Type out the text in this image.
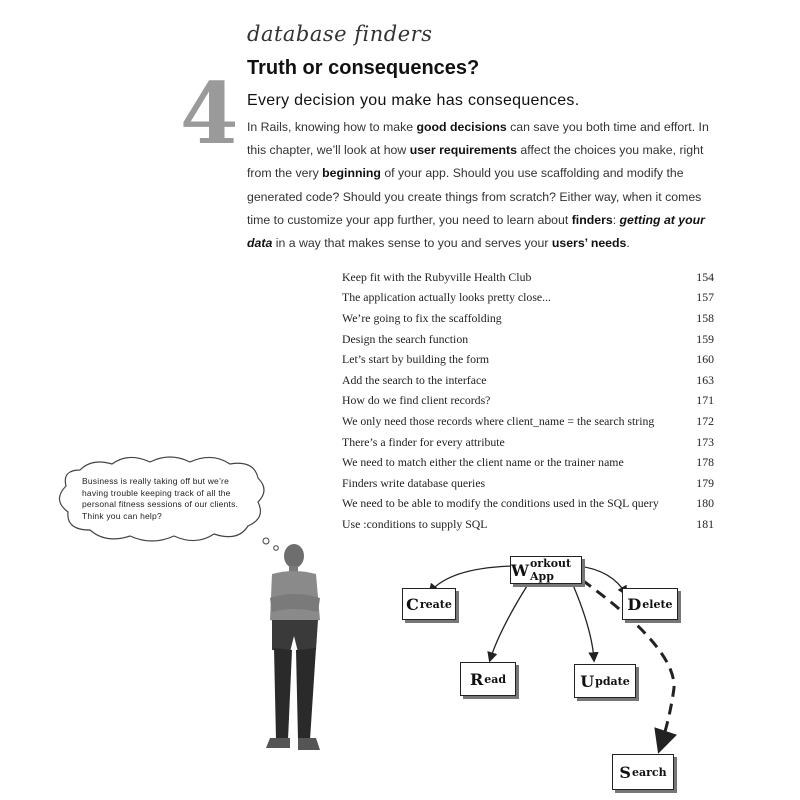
database finders
4 Truth or consequences?
Every decision you make has consequences.
In Rails, knowing how to make good decisions can save you both time and effort. In this chapter, we’ll look at how user requirements affect the choices you make, right from the very beginning of your app. Should you use scaffolding and modify the generated code? Should you create things from scratch? Either way, when it comes time to customize your app further, you need to learn about finders: getting at your data in a way that makes sense to you and serves your users’ needs.
Keep fit with the Rubyville Health Club	154
The application actually looks pretty close...	157
We’re going to fix the scaffolding	158
Design the search function	159
Let’s start by building the form	160
Add the search to the interface	163
How do we find client records?	171
We only need those records where client_name = the search string	172
There’s a finder for every attribute	173
We need to match either the client name or the trainer name	178
Finders write database queries	179
We need to be able to modify the conditions used in the SQL query	180
Use :conditions to supply SQL	181
Business is really taking off but we’re having trouble keeping track of all the personal fitness sessions of our clients. Think you can help?
W orkout App
C reate	D elete
R ead	U pdate
S earch
